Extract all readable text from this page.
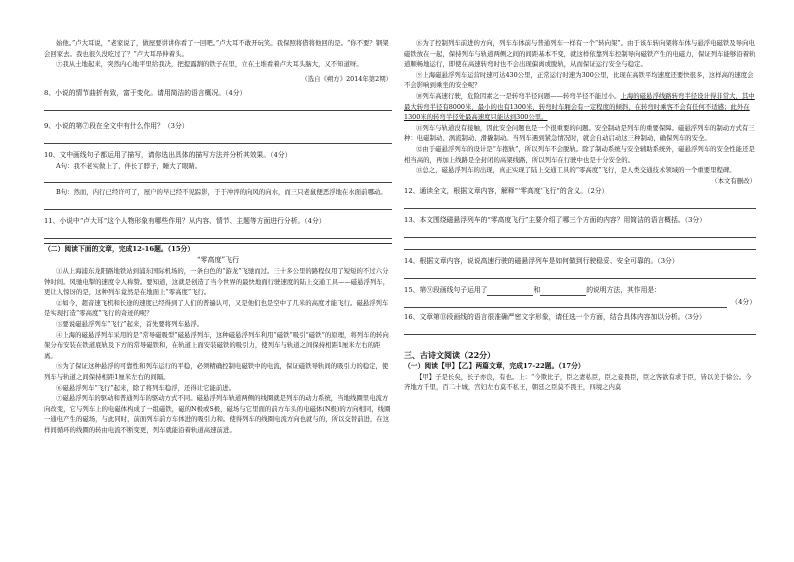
始他。”卢大耳说，“老家说了，做屋要讲讲你看了一回吧。”卢大耳不敢开玩笑。我保照将借将他回的是。“你不要？钢架会回家去。我也很久没吃过了？”卢大耳昂伸着头。

⑦我从土地起来，突然内心地平里给我决，把提露割的铁子在里，立在土堆看着卢大耳头脑大，又不知道呀。

（选自《朔方》2014年第2期）

8、小说的情节曲折有致，富于变化。请用简洁的语言概况。（4分）

9、小说的第⑦段在全文中有什么作用？（3分）

10、文中画线句子都运用了描写，请你选出具体的描写方法并分析其效果。（4分）

A句：我不老实做上了，伴长了脖子，睡大了眼睛。

B句：然而，内行已经许可了，屋户的早已经不见踪影，于于冲淬的向风的向水，而三只老鼠便恶浮地在水面前哪动。

11、小说中“卢大耳”这个人物形象有哪些作用？从内容、情节、主题等方面进行分析。（4分）

（二）阅读下面的文章，完成12-16题。（15分）

“零高度”飞行

①从上海浦东龙阳路地铁站到浦东国际机场的，一条白色的“游龙”飞驰而过。三十多公里的路程仅用了短短的不过六分钟时间。风驰电掣的速度令人称赞。要知道，这就是创造了当今世界的最快地面行驶速度的陆上交通工具——磁悬浮列车，更让人惊讶的是，这种列车竟然是在地面上“零高度”飞行。

②如今，超音速飞机和长途的速度已经得到了人们的普遍认可，又是他们也是空中了几米的高度才能飞行。磁悬浮列车是实现打造“零高度”飞行的奇迹的呢？

③要说磁悬浮列车“飞行”起来，首先要将列车悬浮。

④上海的磁悬浮列车采用的是“常导磁吸型”磁悬浮列车，这种磁悬浮列车利用“磁铁”吸引“磁铁”的原理，将列车的转向架分布安装在铁道底轨及下方的常导磁铁和，在轨道上面安装磁铁的吸引力，使列车与轨道之间保持相距1厘米左右的距离。

⑤为了保证这种悬浮的可靠性和列车运行的平稳，必须精确控制电磁铁中的电流，保证磁铁导轨间的吸引力的稳定，使列车与轨道之间保持相距1厘米左右的间隔。

⑥磁悬浮列车“飞行”起来，除了将列车稳浮，还得让它能前进。

⑦磁悬浮列车的驱动和普通列车的驱动方式不同。磁悬浮列车轨道两侧的线圈就是列车的动力系统，当地线圈里电流方向改变，它与列车上的电磁体构成了一组磁铁，磁的N极或S极，磁场与它里面的前方车头的电磁体(N极)的方向相同，线圈一通电产生的磁场，与此同时，前面列车前方车体进的吸引力和。使得列车的线圈电流方向也就与的，所以交替前进，在这样间循环的线圈的转由电流不断变更，列车就能沿着轨道高速前进。

⑧为了控制列车前进的方向，列车车体前与普通列车一样有一个“转向架”。由于该车转向架将车体与悬浮电磁铁及导向电磁铁放在一起，保持列车与轨道两侧之间的间距基本不变，就这样依靠列车控制导向磁铁产生的电磁力，保证列车能够沿着轨道顺畅地运行，即使在高速转弯时也不会出现偏离或脱轨，从而保证运行安全与稳定。

⑨上海磁悬浮列车运营时速可达430公里，正常运行时速为300公里，比现在高铁平均速度还要快很多，这样高的速度会不会影响到乘坐的安全呢？

⑩列车高速行驶，危险因素之一是转弯半径问题——转弯半径不能过小。上海的磁悬浮线路转弯半径设计得非常大，其中最大转弯半径有8000米，最小的也有1300米，转弯时车厢会有一定程度的倾斜，在转弯时乘客不会有任何不适感；此外在1300米的转弯半径处最高速度只能达到300公里。

⑪列车与轨道没有接触，因此安全问题也是一个很重要的问题。安全制动是列车的重要保障。磁悬浮列车的制动方式有三种：电磁制动、涡流制动、滑撬制动。当列车遇到紧急情况时，就会自动启动这三种制动，确保列车的安全。

⑫由于磁悬浮列车的设计是“车抱轨”，所以列车不会脱轨。除了制动系统与安全辅助系统外，磁悬浮列车的安全性能还是相当高的，再加上线路是全封闭的高架线路，所以列车在行驶中也是十分安全的。

⑬总之，磁悬浮列车的出现，真正实现了陆上交通工具的“零高度”飞行，是人类交通技术领域的一个重要里程碑。

（本文有删改）

12、通读全文，根据文章内容，解释“‘零高度’飞行”的含义。（2分）

13、本文围绕磁悬浮列车的“零高度飞行”主要介绍了哪三个方面的内容？用简洁的语言概括。（3分）

14、根据文章内容，说说高速行驶的磁悬浮列车是如何做到行驶稳妥、安全可靠的。（3分）

15、第⑨段画线句子运用了	和	的说明方法，其作用是：

（4分）

16、文章第⑬段画线的语言很准确严密文字形象，请任选一个方面，结合具体内容加以分析。（3分）

三、古诗文阅读（22分）

（一）阅读【甲】【乙】两篇文章，完成17-22题。（17分）

【甲】子是长矣，长子亦良，有也。上：“今欺比子，臣之妻私臣，臣之妾畏臣，臣之客欲有求于臣，皆以美于徐公。今齐地方千里，百二十城，宫妇左右莫不私王，朝廷之臣莫不畏王，四境之内莫
